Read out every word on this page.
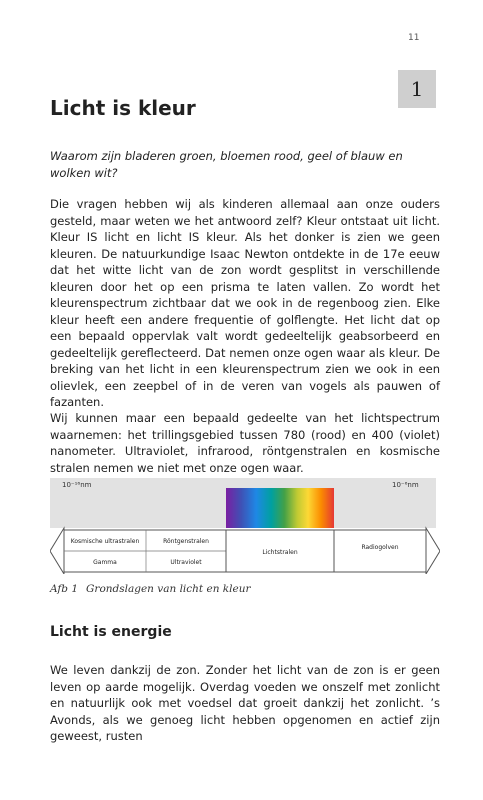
11
1
Licht is kleur

Waarom zijn bladeren groen, bloemen rood, geel of blauw en wolken wit?

Die vragen hebben wij als kinderen allemaal aan onze ouders gesteld, maar weten we het antwoord zelf? Kleur ontstaat uit licht. Kleur IS licht en licht IS kleur. Als het donker is zien we geen kleuren. De natuurkundige Isaac Newton ontdekte in de 17e eeuw dat het witte licht van de zon wordt gesplitst in verschillende kleuren door het op een prisma te laten vallen. Zo wordt het kleurenspectrum zichtbaar dat we ook in de regenboog zien. Elke kleur heeft een andere frequentie of golflengte. Het licht dat op een bepaald oppervlak valt wordt gedeeltelijk geabsorbeerd en gedeeltelijk gereflecteerd. Dat nemen onze ogen waar als kleur. De breking van het licht in een kleurenspectrum zien we ook in een olievlek, een zeepbel of in de veren van vogels als pauwen of fazanten.

Wij kunnen maar een bepaald gedeelte van het lichtspectrum waarnemen: het trillingsgebied tussen 780 (rood) en 400 (violet) nanometer. Ultraviolet, infrarood, röntgenstralen en kosmische stralen nemen we niet met onze ogen waar.

10⁻¹⁶nm	10⁻⁶nm
Kosmische ultrastralen
Gamma
Röntgenstralen
Ultraviolet
Lichtstralen
Radiogolven
Afb 1 Grondslagen van licht en kleur
Licht is energie

We leven dankzij de zon. Zonder het licht van de zon is er geen leven op aarde mogelijk. Overdag voeden we onszelf met zonlicht en natuurlijk ook met voedsel dat groeit dankzij het zonlicht. ’s Avonds, als we genoeg licht hebben opgenomen en actief zijn geweest, rusten
